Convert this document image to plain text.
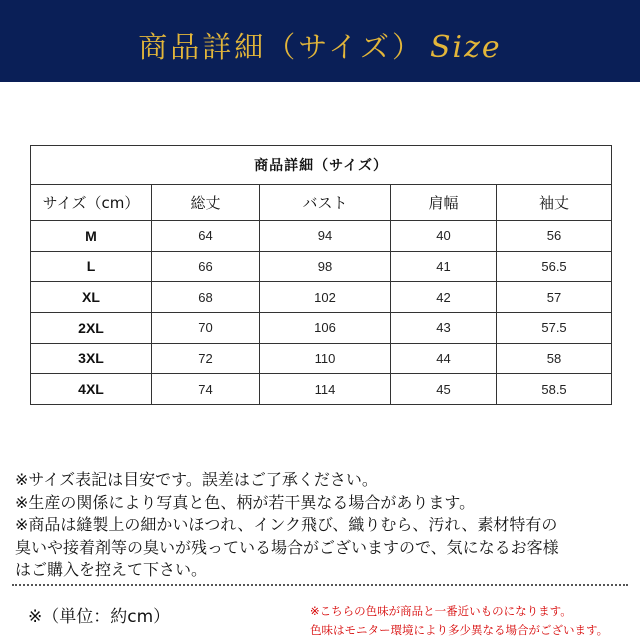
商品詳細（サイズ） Size
商品詳細（サイズ）				
サイズ（cm）	総丈	バスト	肩幅	袖丈
M	64	94	40	56
L	66	98	41	56.5
XL	68	102	42	57
2XL	70	106	43	57.5
3XL	72	110	44	58
4XL	74	114	45	58.5
※サイズ表記は目安です。誤差はご了承ください。
※生産の関係により写真と色、柄が若干異なる場合があります。
※商品は縫製上の細かいほつれ、インク飛び、織りむら、汚れ、素材特有の
臭いや接着剤等の臭いが残っている場合がございますので、気になるお客様
はご購入を控えて下さい。
※（単位：約cm）	※こちらの色味が商品と一番近いものになります。
色味はモニター環境により多少異なる場合がございます。
